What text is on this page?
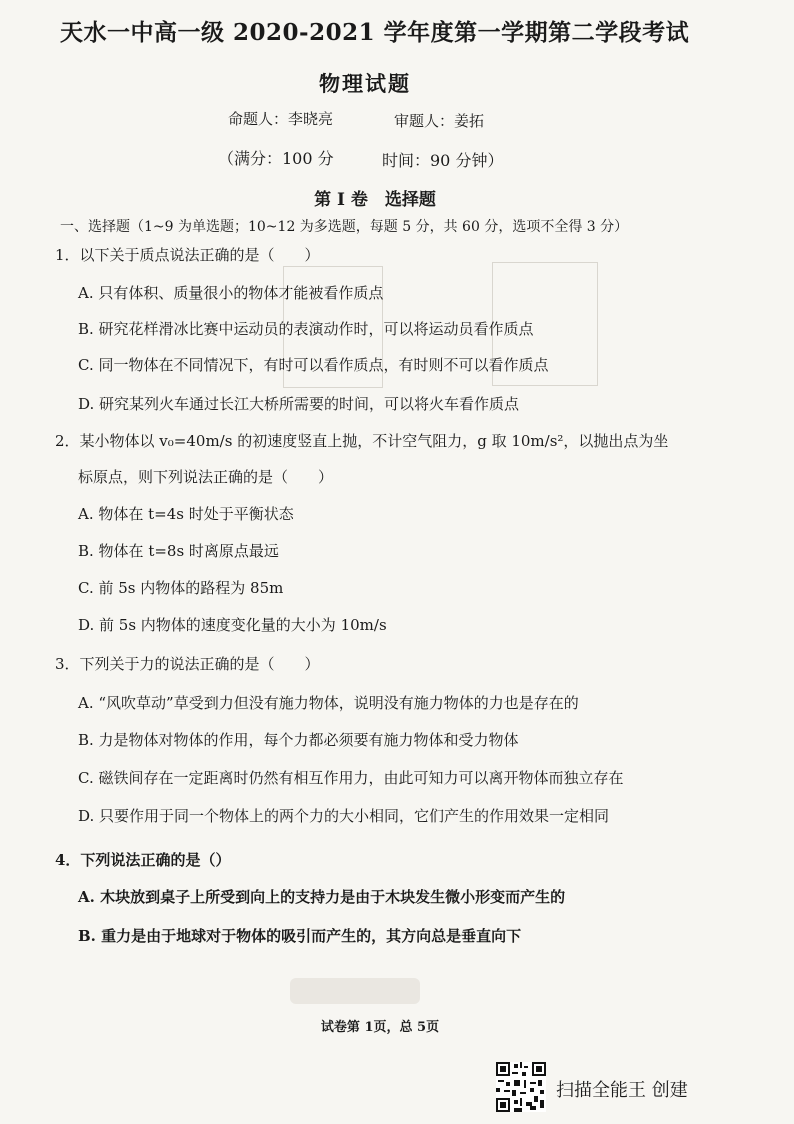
天水一中高一级 2020-2021 学年度第一学期第二学段考试
物理试题
命题人：李晓亮	审题人：姜拓
（满分：100 分	时间：90 分钟）
第 I 卷　选择题
一、选择题（1~9 为单选题；10~12 为多选题，每题 5 分，共 60 分，选项不全得 3 分）
1．以下关于质点说法正确的是（　　）
A. 只有体积、质量很小的物体才能被看作质点
B. 研究花样滑冰比赛中运动员的表演动作时，可以将运动员看作质点
C. 同一物体在不同情况下，有时可以看作质点，有时则不可以看作质点
D. 研究某列火车通过长江大桥所需要的时间，可以将火车看作质点
2．某小物体以 v₀=40m/s 的初速度竖直上抛，不计空气阻力，g 取 10m/s²，以抛出点为坐
标原点，则下列说法正确的是（　　）
A. 物体在 t=4s 时处于平衡状态
B. 物体在 t=8s 时离原点最远
C. 前 5s 内物体的路程为 85m
D. 前 5s 内物体的速度变化量的大小为 10m/s
3．下列关于力的说法正确的是（　　）
A. “风吹草动”草受到力但没有施力物体，说明没有施力物体的力也是存在的
B. 力是物体对物体的作用，每个力都必须要有施力物体和受力物体
C. 磁铁间存在一定距离时仍然有相互作用力，由此可知力可以离开物体而独立存在
D. 只要作用于同一个物体上的两个力的大小相同，它们产生的作用效果一定相同
4．下列说法正确的是（）
A. 木块放到桌子上所受到向上的支持力是由于木块发生微小形变而产生的
B. 重力是由于地球对于物体的吸引而产生的，其方向总是垂直向下
试卷第 1页，总 5页
扫描全能王 创建
